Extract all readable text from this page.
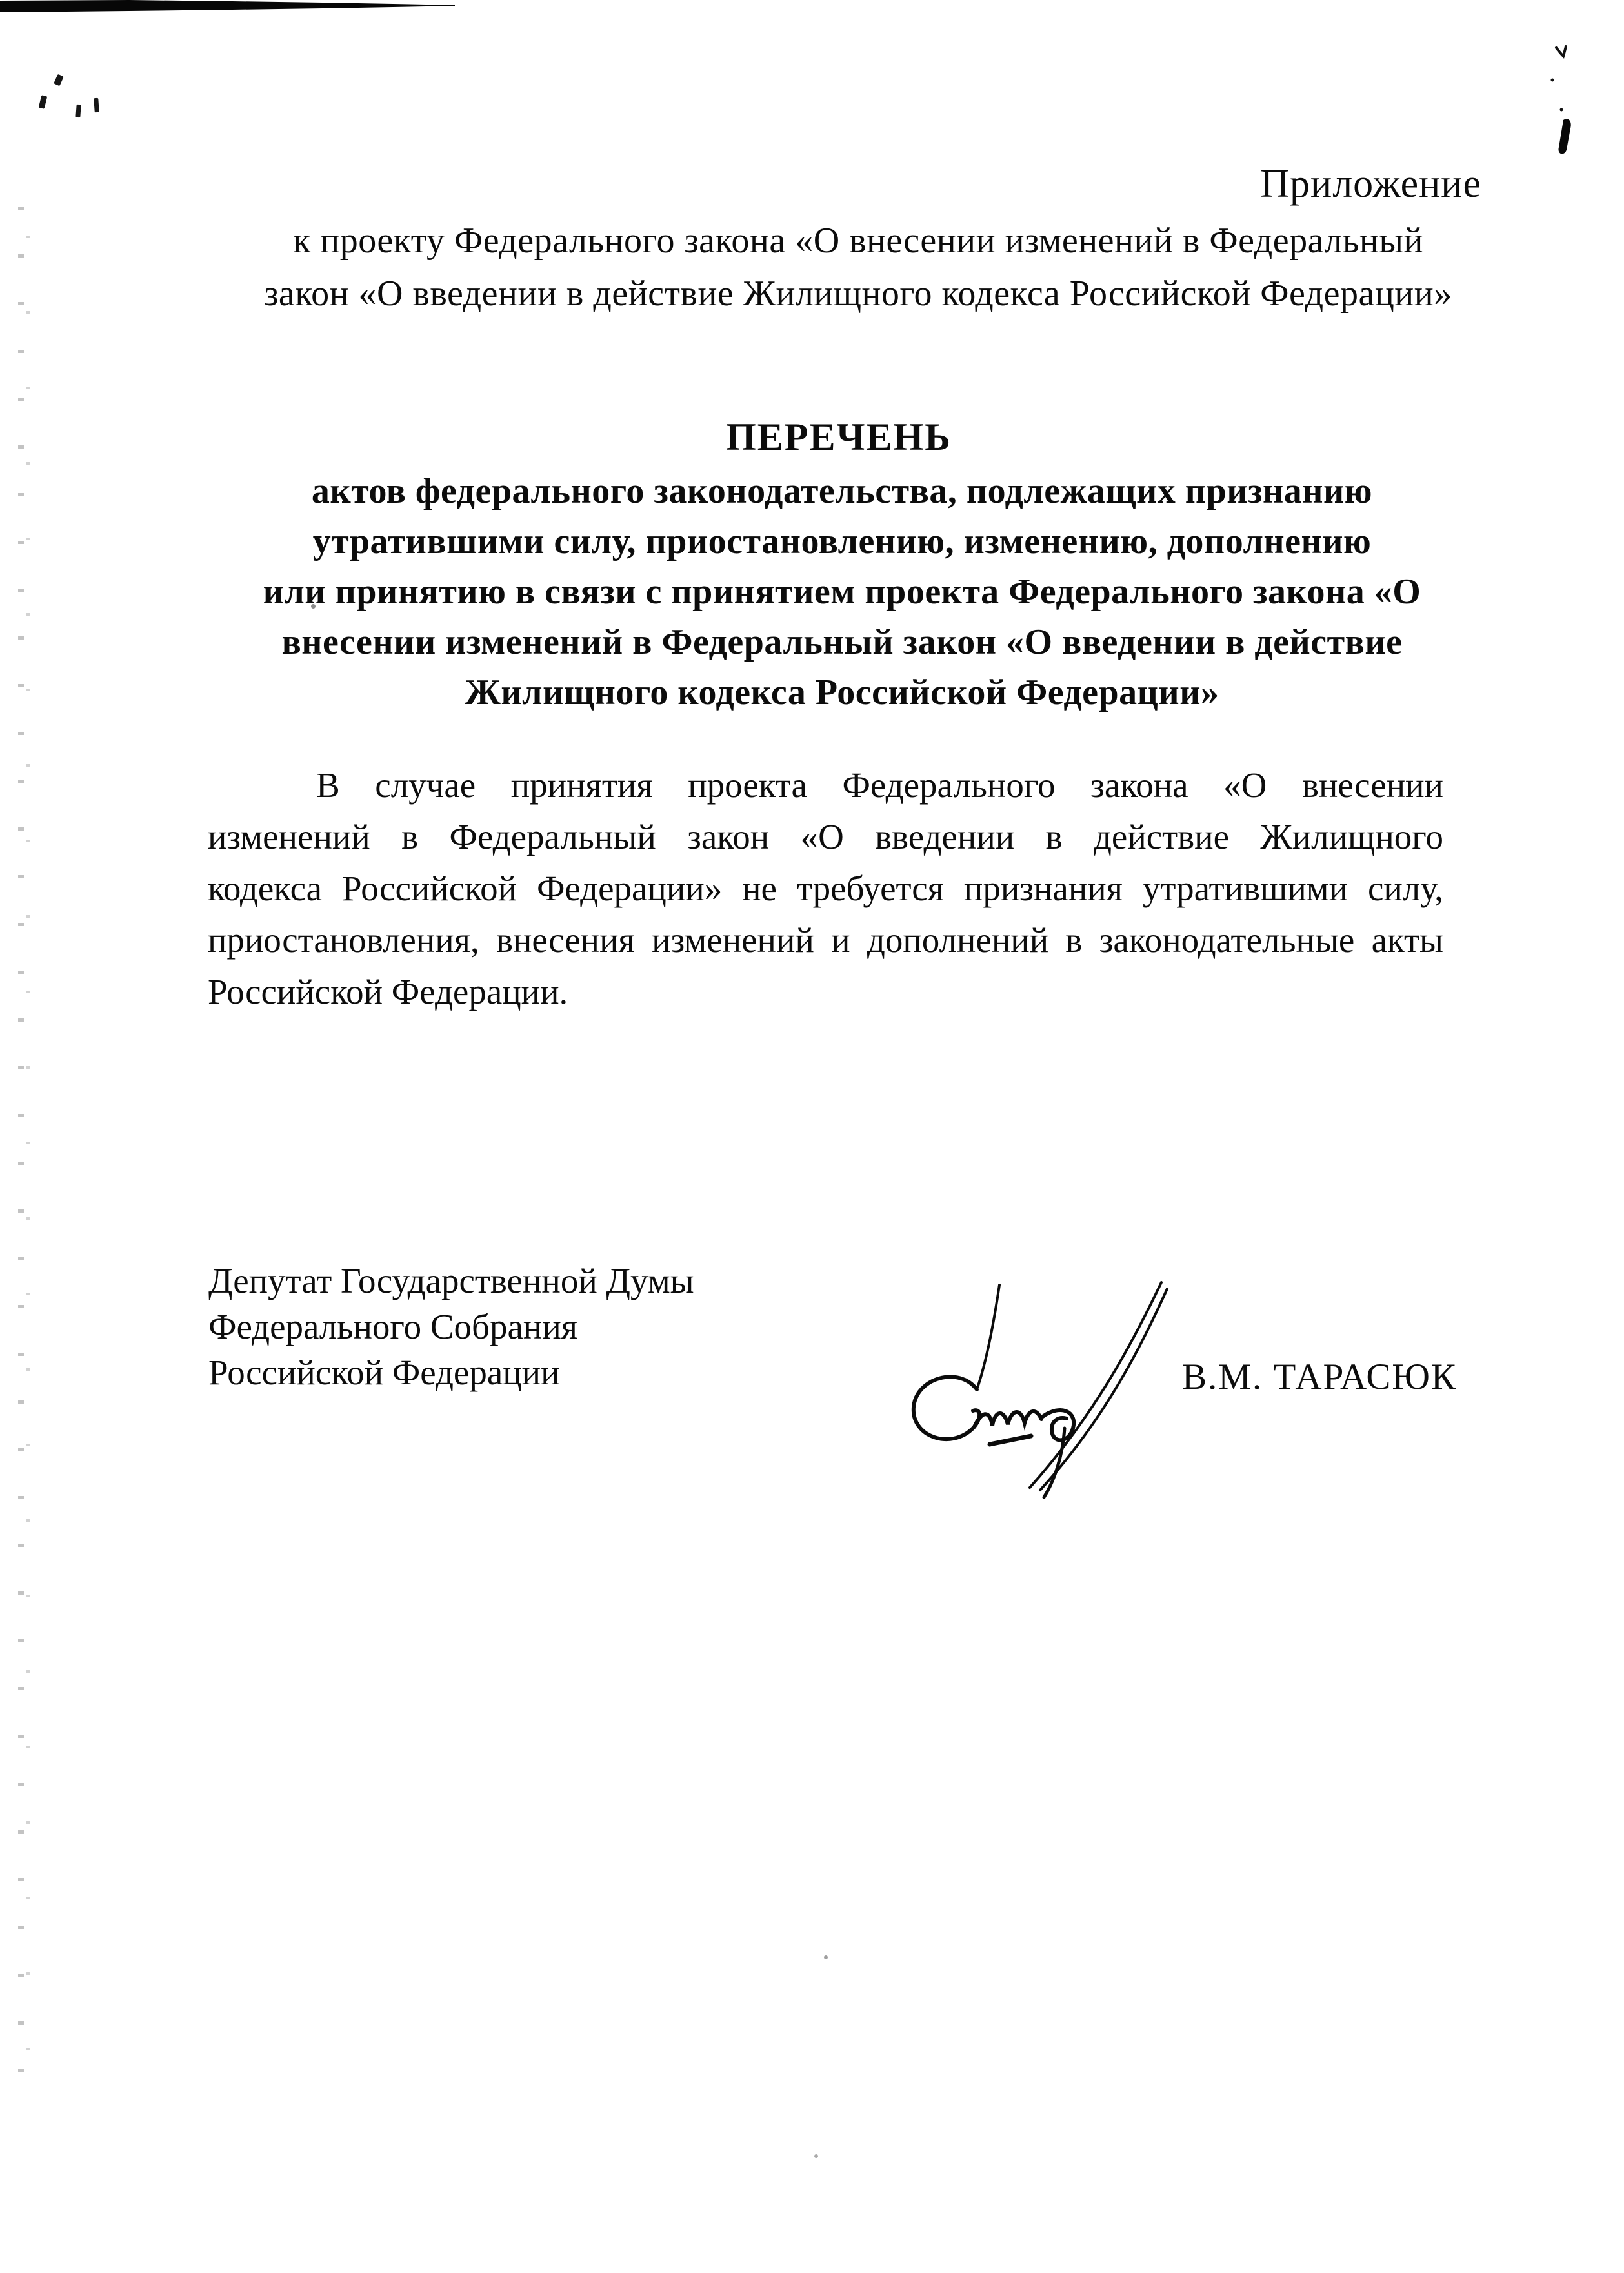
Приложение
к проекту Федерального закона «О внесении изменений в Федеральный
закон «О введении в действие Жилищного кодекса Российской Федерации»
ПЕРЕЧЕНЬ
актов федерального законодательства, подлежащих признанию
утратившими силу, приостановлению, изменению, дополнению
или принятию в связи с принятием проекта Федерального закона «О
внесении изменений в Федеральный закон «О введении в действие
Жилищного кодекса Российской Федерации»
В случае принятия проекта Федерального закона «О внесении
изменений в Федеральный закон «О введении в действие Жилищного
кодекса Российской Федерации» не требуется признания утратившими силу,
приостановления, внесения изменений и дополнений в законодательные акты
Российской Федерации.
Депутат Государственной Думы
Федерального Собрания
Российской Федерации	В.М. ТАРАСЮК
